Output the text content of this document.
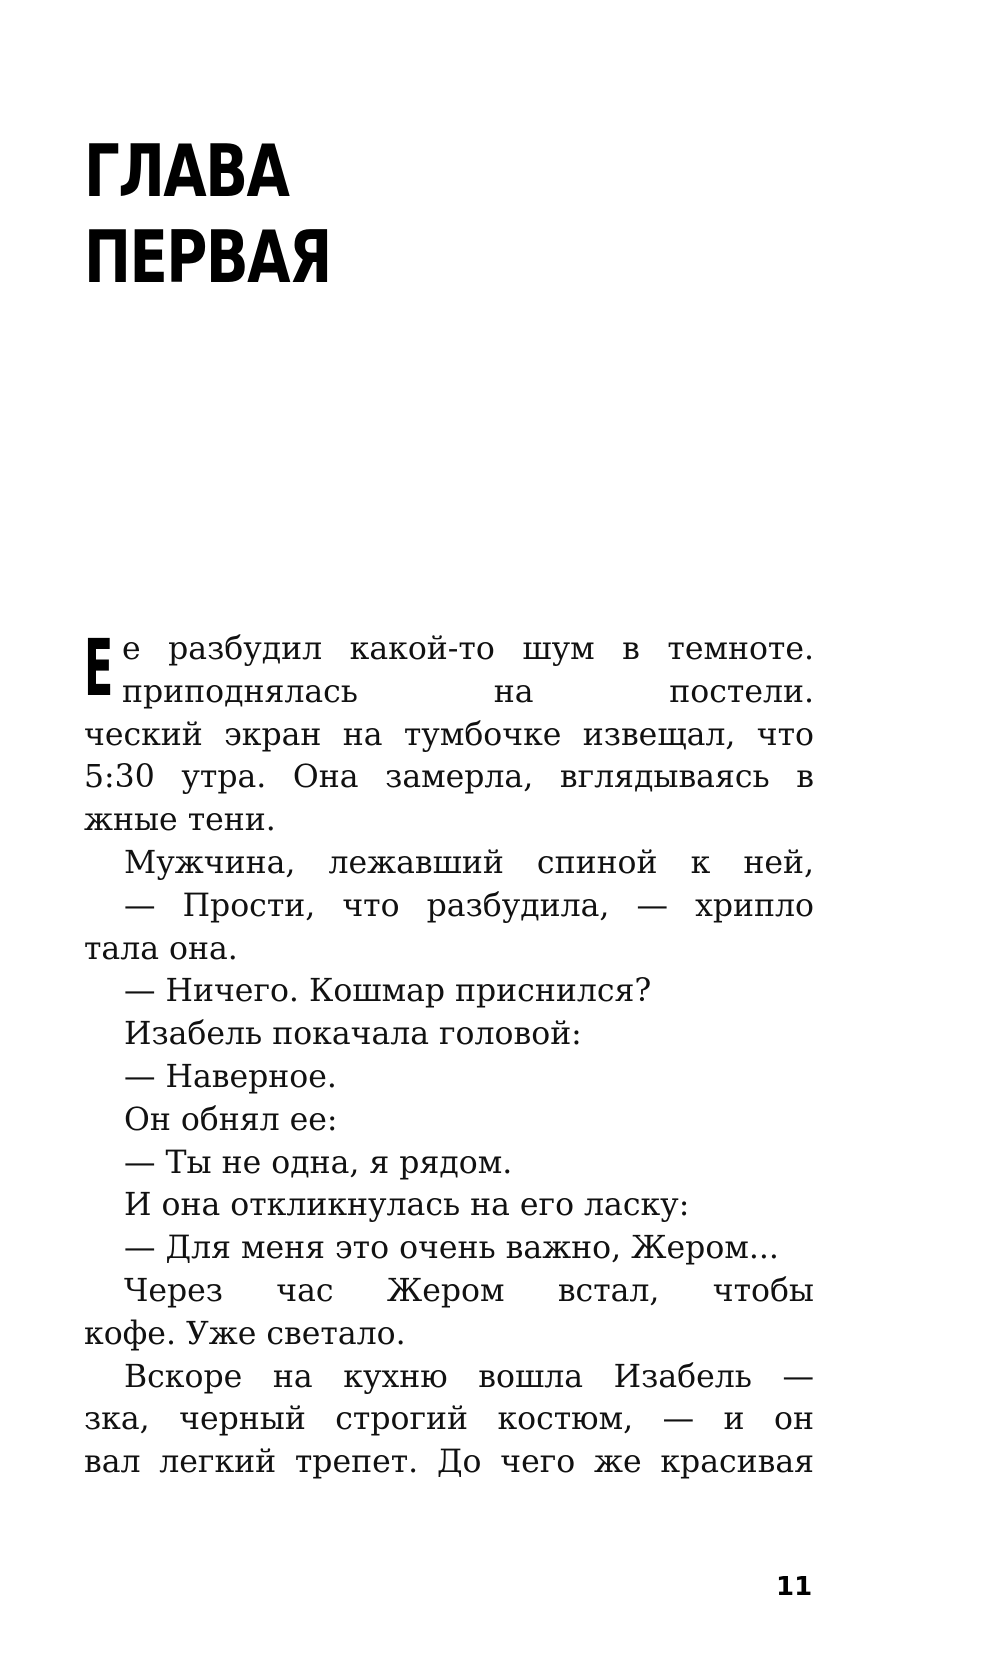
ГЛАВА
ПЕРВАЯ
Е е разбудил какой-то шум в темноте.
приподнялась на постели.
ческий экран на тумбочке извещал, что
5:30 утра. Она замерла, вглядываясь в
жные тени.
Мужчина, лежавший спиной к ней,
— Прости, что разбудила, — хрипло
тала она.
— Ничего. Кошмар приснился?
Изабель покачала головой:
— Наверное.
Он обнял ее:
— Ты не одна, я рядом.
И она откликнулась на его ласку:
— Для меня это очень важно, Жером...
Через час Жером встал, чтобы
кофе. Уже светало.
Вскоре на кухню вошла Изабель —
зка, черный строгий костюм, — и он
вал легкий трепет. До чего же красивая
11
